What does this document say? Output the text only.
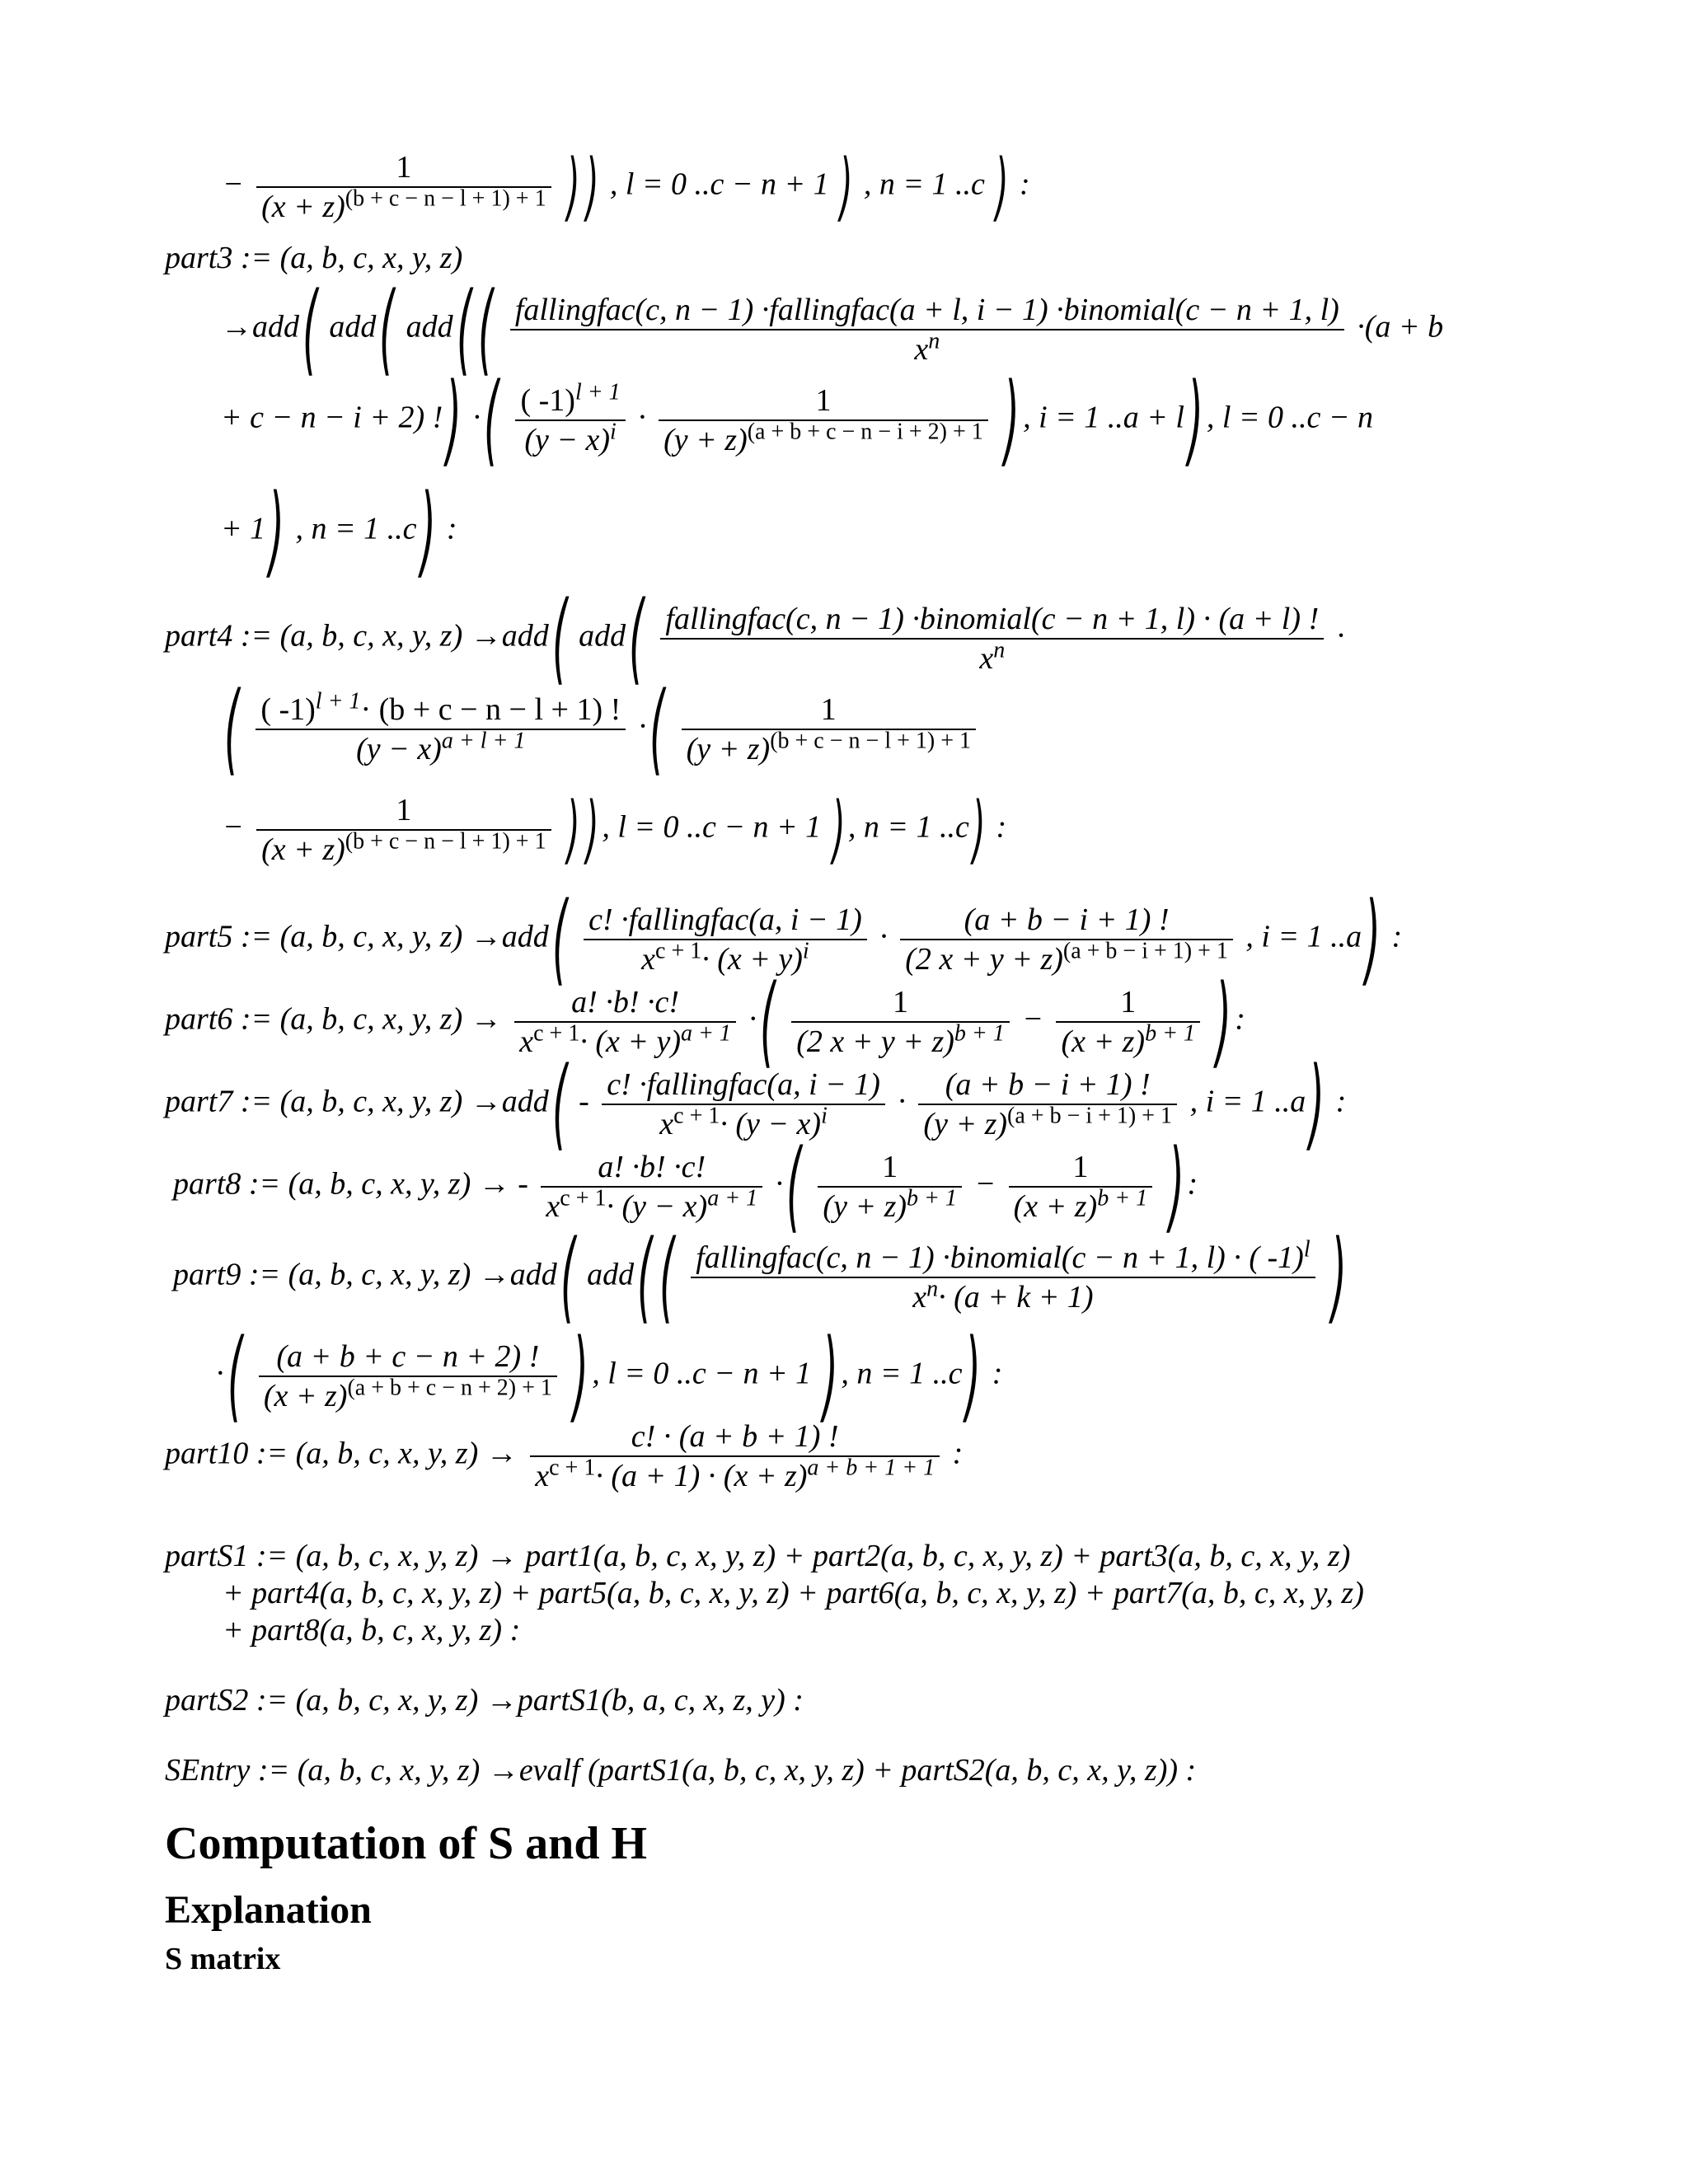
− $\frac{1}{(x + z)^{(b + c - n - l + 1) + 1}}$ )) , l = 0 ..c − n + 1 ) , n = 1 ..c ) :
part3 := (a, b, c, x, y, z)
→add( add( add(( fallingfac(c, n − 1) ·fallingfac(a + l, i − 1) ·binomial(c − n + 1, l)
$x^n$	·(a + b
+ c − n − i + 2) !) ·( $\frac{( -1)^{l + 1}}{(y - x)^i} \cdot \frac{1}{(y + z)^{(a + b + c - n - i + 2) + 1}}$ ) , i = 1 ..a + l) , l = 0 ..c − n
+ 1) , n = 1 ..c) :
part4 := (a, b, c, x, y, z) →add( $add( \frac{\text{fallingfac(c, n − 1) ·binomial(c − n + 1, l) · (a + l) !}}{x^n}$ ·
( $\frac{( -1)^{l + 1}\cdot (b + c - n - l + 1) !}{(y - x)^{a + l + 1}}$ ·( $\frac{1}{(y + z)^{(b + c - n - l + 1) + 1}}$
− $\frac{1}{(x + z)^{(b + c - n - l + 1) + 1}}$ )), l = 0 ..c − n + 1 ), n = 1 ..c) :
part5 := (a, b, c, x, y, $z) \to add( \frac{\text{c! ·fallingfac(a, i − 1)}}{x^{c + 1}\cdot (x + y)^i} \cdot \frac{(a + b - i + 1) !}{(2 x + y + z)^{(a + b - i + 1) + 1}}$ , i = 1 ..a) :
part6 := (a, b, c, x, y, $z) \to \frac{a! \cdot b! \cdot c!}{x^{c + 1}\cdot (x + y)^{a + 1}}$ ·( $\frac{1}{(2 x + y + z)^{b + 1}} - \frac{1}{(x + z)^{b + 1}}$ ) :
part7 := (a, b, c, x, y, $z) \to add( - \frac{\text{c! ·fallingfac(a, i − 1)}}{x^{c + 1}\cdot (y - x)^i} \cdot \frac{(a + b - i + 1) !}{(y + z)^{(a + b - i + 1) + 1}}$ , i = 1 ..a) :
part8 := (a, b, c, x, y, z) → - $\frac{a! \cdot b! \cdot c!}{x^{c + 1}\cdot (y - x)^{a + 1}}$ ·( $\frac{1}{(y + z)^{b + 1}} - \frac{1}{(x + z)^{b + 1}}$ ) :
part9 := (a, b, c, x, y, z) →add( $add(( \frac{fallingfac(c, n - 1) \cdot binomial(c - n + 1, l) \cdot ( -1)^l}{x^n\cdot (a + k + 1)}$ )
·( $\frac{(a + b + c - n + 2) !}{(x + z)^{(a + b + c - n + 2) + 1}}$ ) , l = 0 ..c − n + 1 ) , n = 1 ..c) :
part10 := (a, b, c, x, y, $z) \to \frac{c! \cdot (a + b + 1) !}{x^{c + 1}\cdot (a + 1) \cdot (x + z)^{a + b + 1 + 1}}$ :
partS1 := (a, b, c, x, y, z) → part1(a, b, c, x, y, z) + part2(a, b, c, x, y, z) + part3(a, b, c, x, y, z)
+ part4(a, b, c, x, y, z) + part5(a, b, c, x, y, z) + part6(a, b, c, x, y, z) + part7(a, b, c, x, y, z)
+ part8(a, b, c, x, y, z) :
partS2 := (a, b, c, x, y, z) →partS1(b, a, c, x, z, y) :
SEntry := (a, b, c, x, y, z) →evalf (partS1(a, b, c, x, y, z) + partS2(a, b, c, x, y, z)) :
Computation of S and H
Explanation
S matrix
